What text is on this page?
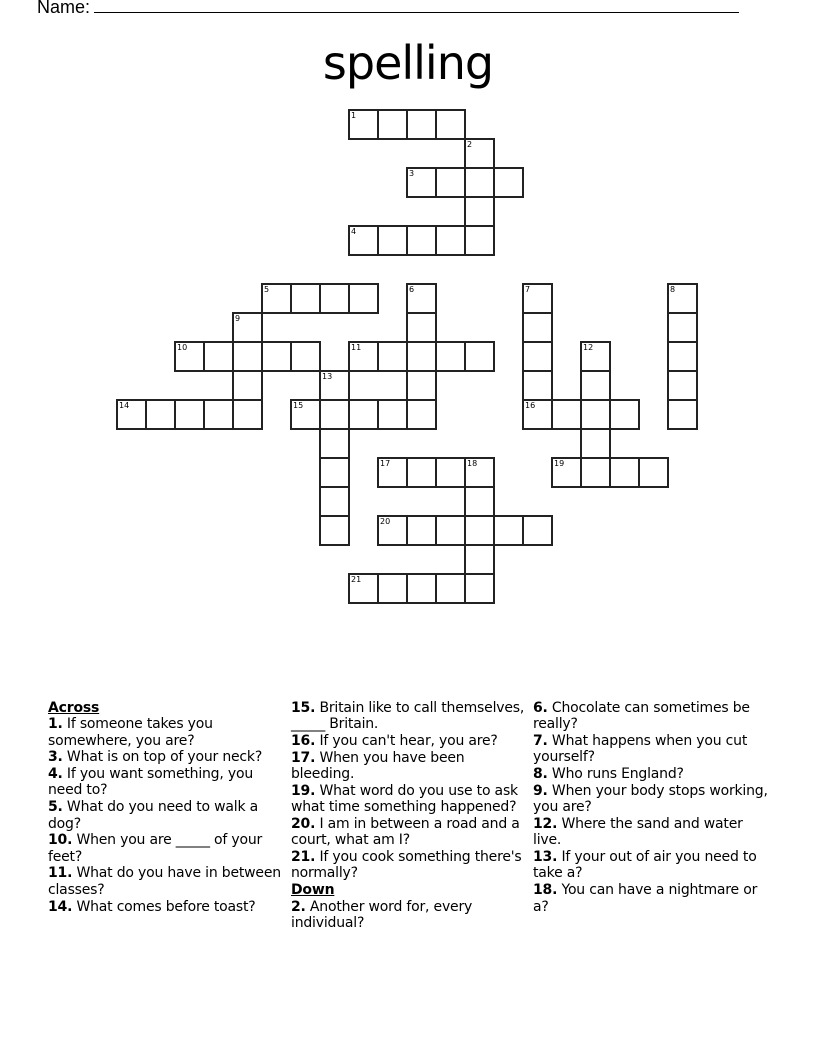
Name:
spelling
1
2
3
4
5	6	7
16
8
9
10	11	12
13
14	15
17	18	19
20
21
Across
1. If someone takes you somewhere, you are?
3. What is on top of your neck?
4. If you want something, you need to?
5. What do you need to walk a dog?
10. When you are _____ of your feet?
11. What do you have in between classes?
14. What comes before toast?
15. Britain like to call themselves, _____ Britain.
16. If you can't hear, you are?
17. When you have been bleeding.
19. What word do you use to ask what time something happened?
20. I am in between a road and a court, what am I?
21. If you cook something there's normally?
Down
2. Another word for, every individual?
6. Chocolate can sometimes be really?
7. What happens when you cut yourself?
8. Who runs England?
9. When your body stops working, you are?
12. Where the sand and water live.
13. If your out of air you need to take a?
18. You can have a nightmare or a?
